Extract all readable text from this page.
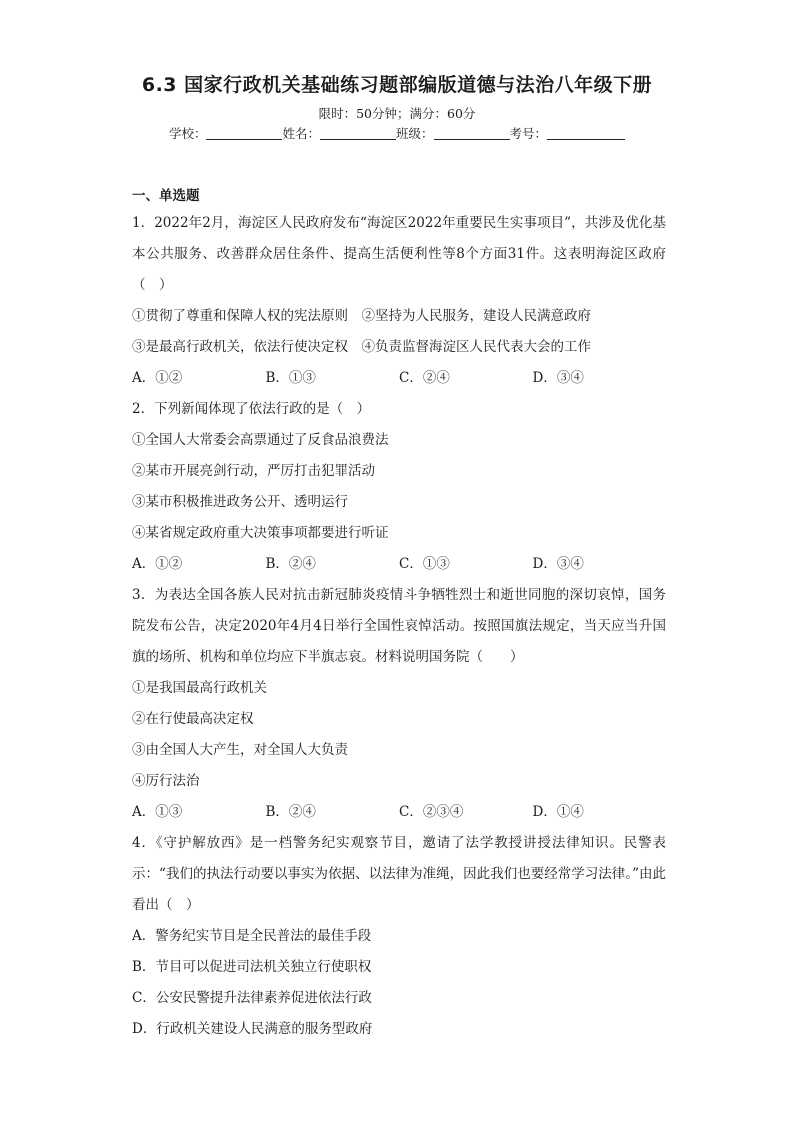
6.3 国家行政机关基础练习题部编版道德与法治八年级下册
限时：50分钟；满分：60分
学校：	姓名：	班级：	考号：
一、单选题
1．2022年2月，海淀区人民政府发布“海淀区2022年重要民生实事项目”，共涉及优化基本公共服务、改善群众居住条件、提高生活便利性等8个方面31件。这表明海淀区政府（　）
①贯彻了尊重和保障人权的宪法原则　②坚持为人民服务，建设人民满意政府
③是最高行政机关，依法行使决定权　④负责监督海淀区人民代表大会的工作
A．①②	B．①③	C．②④	D．③④
2．下列新闻体现了依法行政的是（　）
①全国人大常委会高票通过了反食品浪费法
②某市开展亮剑行动，严厉打击犯罪活动
③某市积极推进政务公开、透明运行
④某省规定政府重大决策事项都要进行听证
A．①②	B．②④	C．①③	D．③④
3．为表达全国各族人民对抗击新冠肺炎疫情斗争牺牲烈士和逝世同胞的深切哀悼，国务院发布公告，决定2020年4月4日举行全国性哀悼活动。按照国旗法规定，当天应当升国旗的场所、机构和单位均应下半旗志哀。材料说明国务院（　　）
①是我国最高行政机关
②在行使最高决定权
③由全国人大产生，对全国人大负责
④厉行法治
A．①③	B．②④	C．②③④	D．①④
4．《守护解放西》是一档警务纪实观察节目，邀请了法学教授讲授法律知识。民警表示：“我们的执法行动要以事实为依据、以法律为准绳，因此我们也要经常学习法律。”由此看出（　）
A．警务纪实节目是全民普法的最佳手段
B．节目可以促进司法机关独立行使职权
C．公安民警提升法律素养促进依法行政
D．行政机关建设人民满意的服务型政府
